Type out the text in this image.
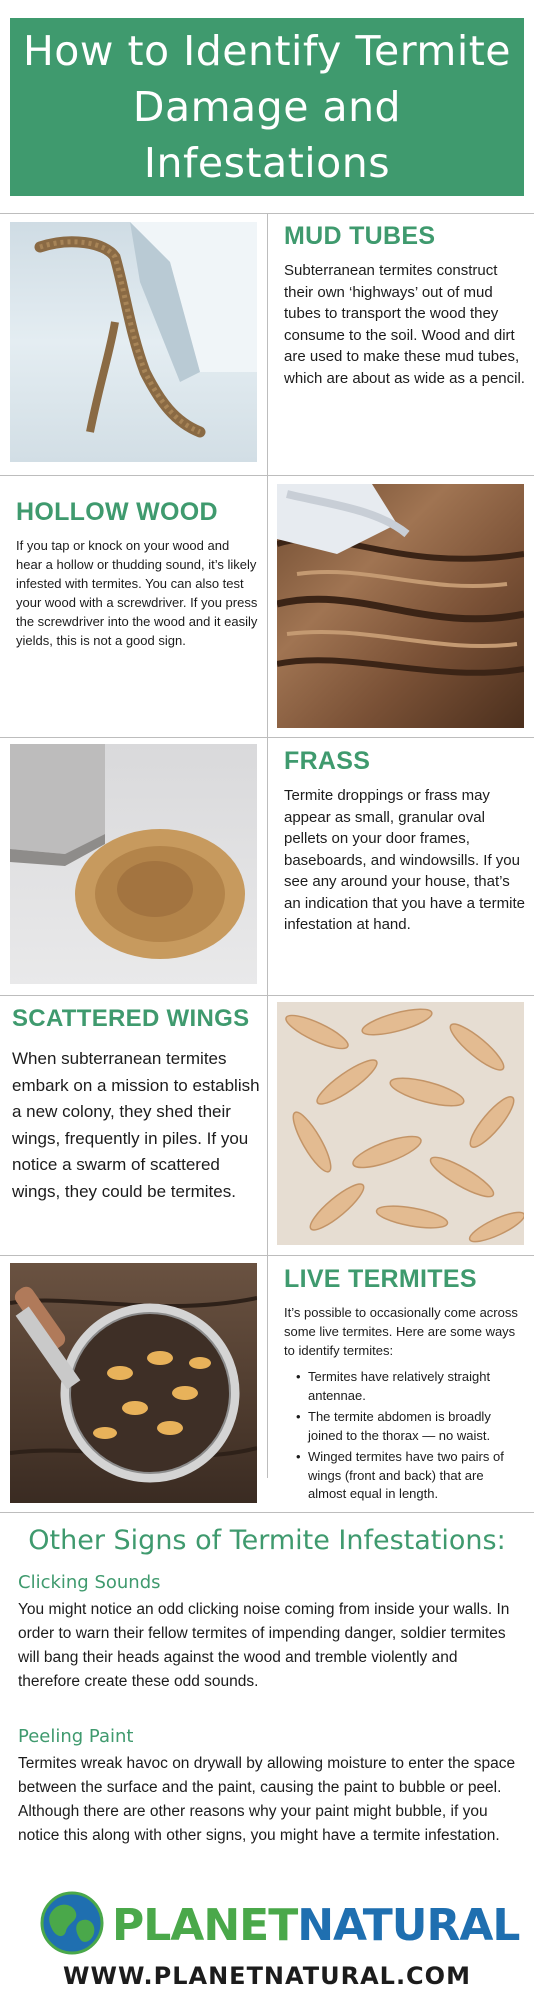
How to Identify Termite
Damage and Infestations
MUD TUBES
Subterranean termites construct their own ‘highways’ out of mud tubes to transport the wood they consume to the soil. Wood and dirt are used to make these mud tubes, which are about as wide as a pencil.
HOLLOW WOOD
If you tap or knock on your wood and hear a hollow or thudding sound, it’s likely infested with termites. You can also test your wood with a screwdriver. If you press the screwdriver into the wood and it easily yields, this is not a good sign.
FRASS
Termite droppings or frass may appear as small, granular oval pellets on your door frames, baseboards, and windowsills. If you see any around your house, that’s an indication that you have a termite infestation at hand.
SCATTERED WINGS
When subterranean termites embark on a mission to establish a new colony, they shed their wings, frequently in piles. If you notice a swarm of scattered wings, they could be termites.
LIVE TERMITES
It’s possible to occasionally come across some live termites. Here are some ways to identify termites:
• Termites have relatively straight antennae.
• The termite abdomen is broadly joined to the thorax — no waist.
• Winged termites have two pairs of wings (front and back) that are almost equal in length.
Other Signs of Termite Infestations:
Clicking Sounds
You might notice an odd clicking noise coming from inside your walls. In order to warn their fellow termites of impending danger, soldier termites will bang their heads against the wood and tremble violently and therefore create these odd sounds.
Peeling Paint
Termites wreak havoc on drywall by allowing moisture to enter the space between the surface and the paint, causing the paint to bubble or peel. Although there are other reasons why your paint might bubble, if you notice this along with other signs, you might have a termite infestation.
PLANETNATURAL
WWW.PLANETNATURAL.COM
